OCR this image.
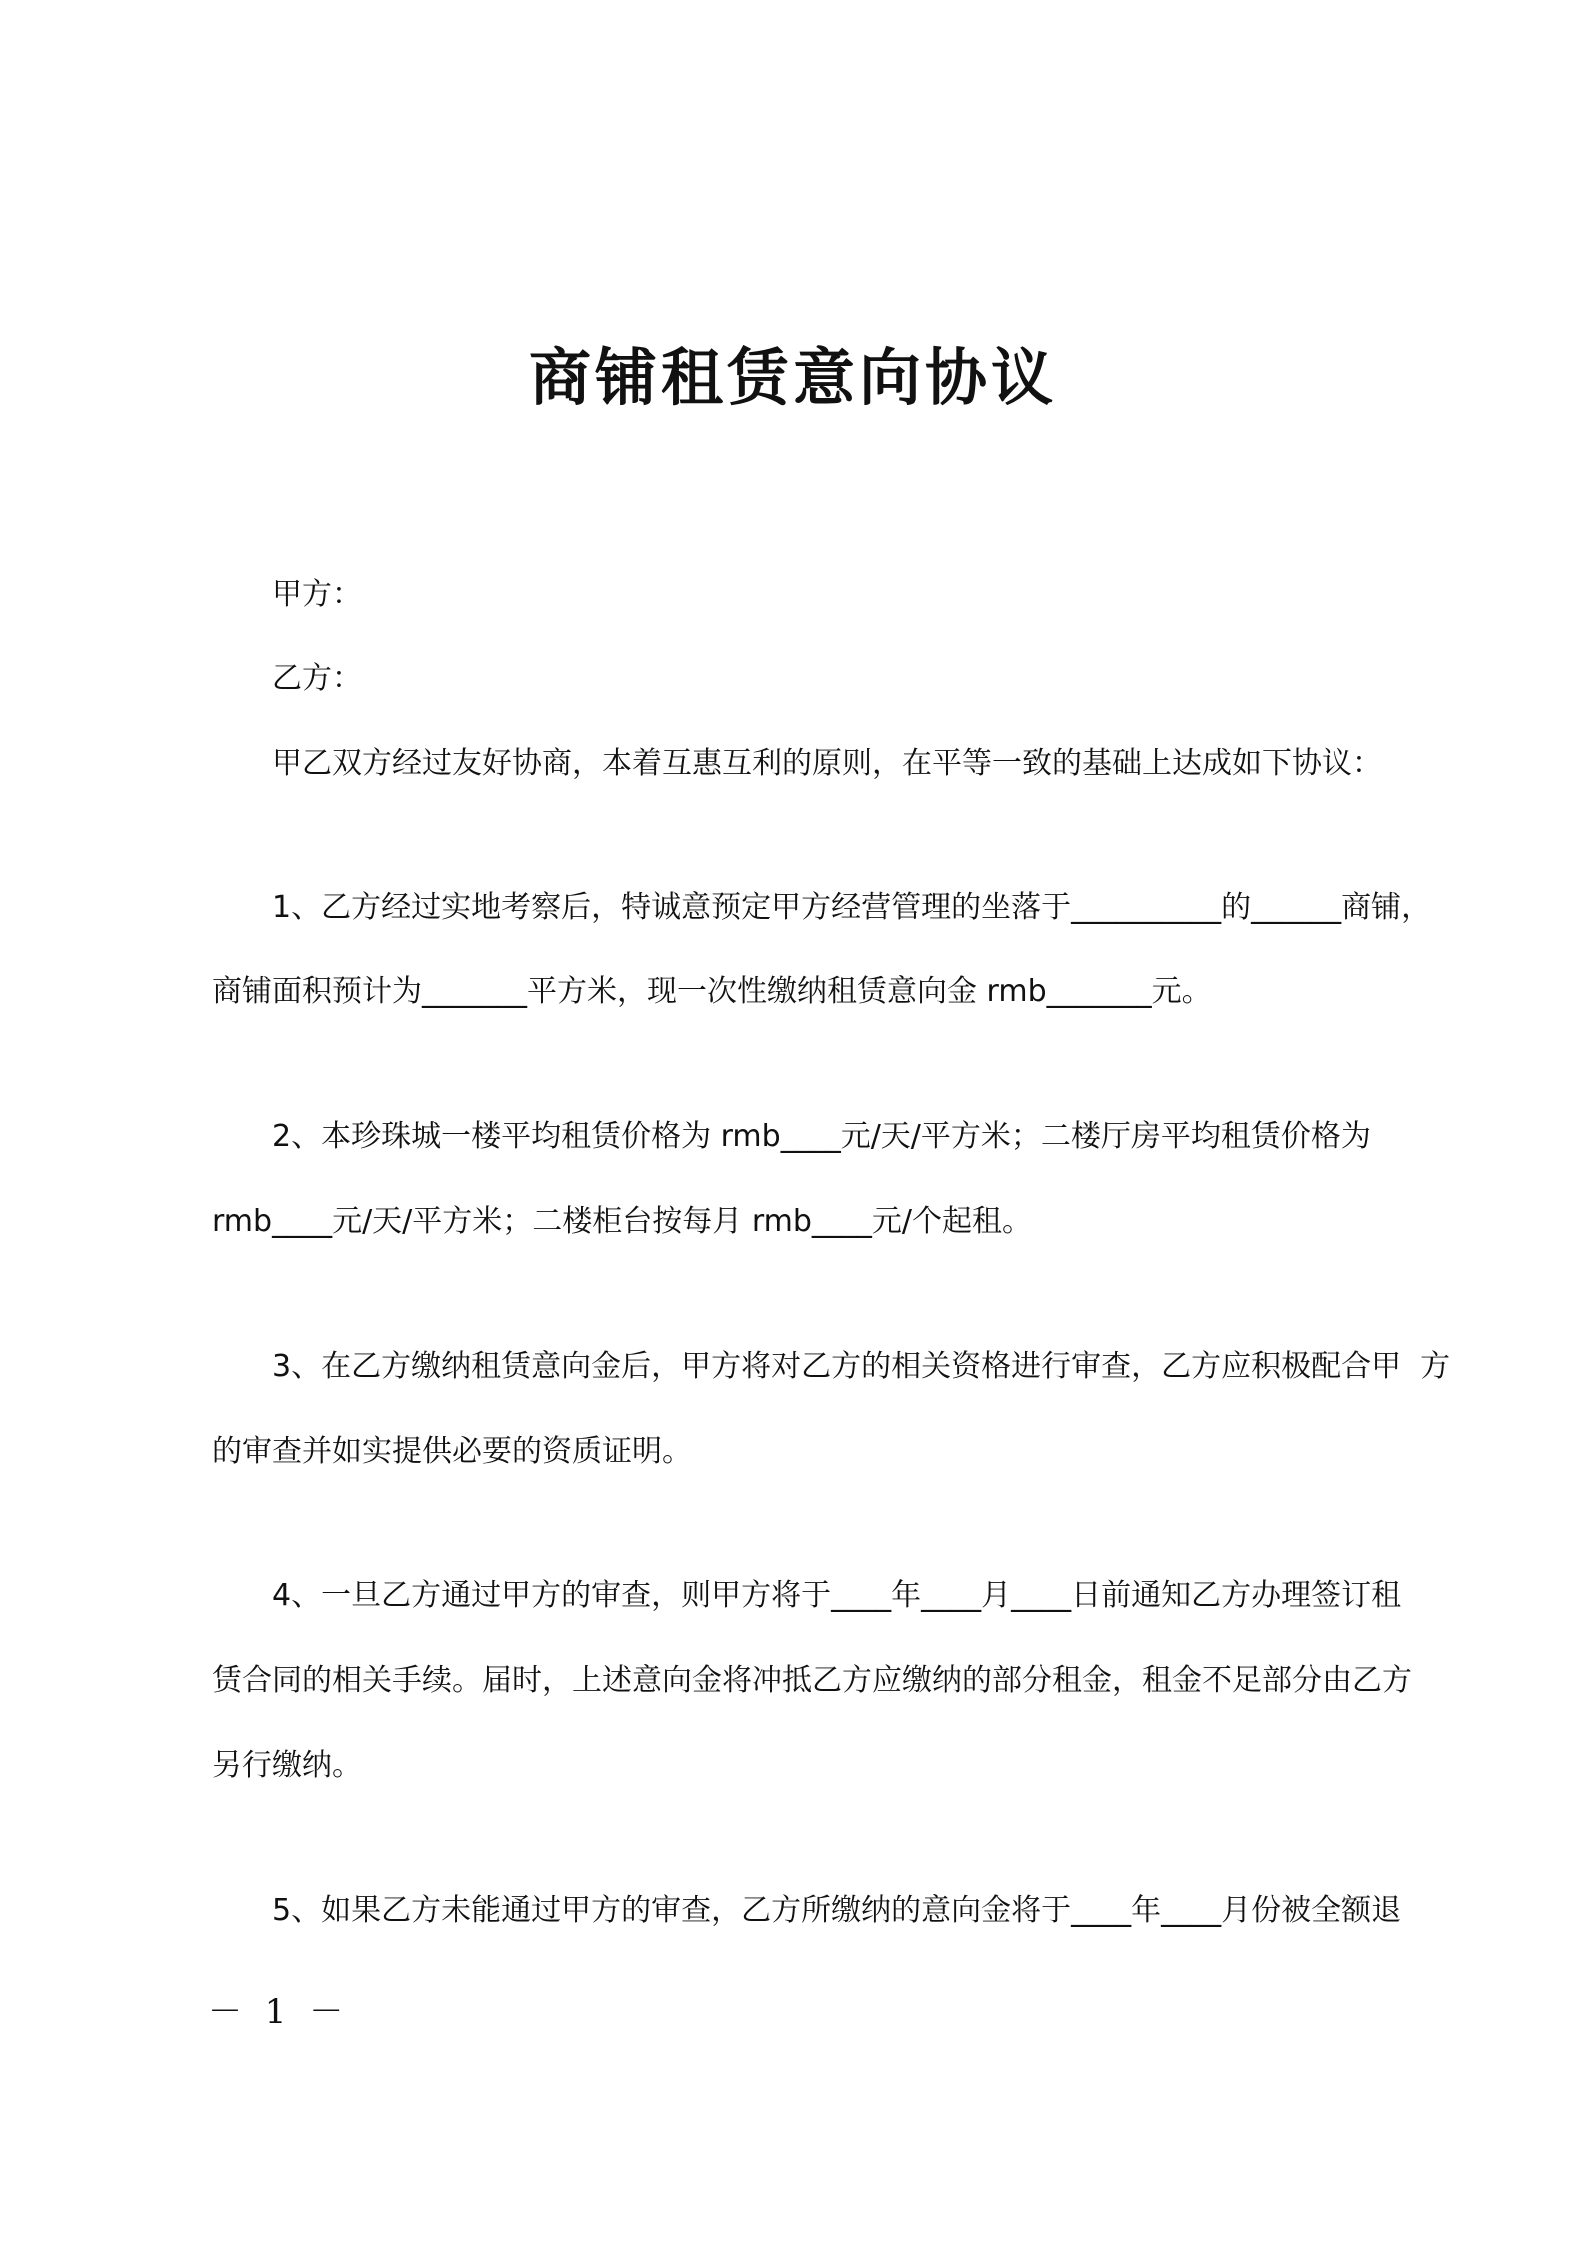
商铺租赁意向协议
甲方：
乙方：
甲乙双方经过友好协商，本着互惠互利的原则，在平等一致的基础上达成如下协议：
1、乙方经过实地考察后，特诚意预定甲方经营管理的坐落于__________的______商铺，
商铺面积预计为_______平方米，现一次性缴纳租赁意向金 rmb_______元。
2、本珍珠城一楼平均租赁价格为 rmb____元/天/平方米；二楼厅房平均租赁价格为
rmb____元/天/平方米；二楼柜台按每月 rmb____元/个起租。
3、在乙方缴纳租赁意向金后，甲方将对乙方的相关资格进行审查，乙方应积极配合甲  方
的审查并如实提供必要的资质证明。
4、一旦乙方通过甲方的审查，则甲方将于____年____月____日前通知乙方办理签订租
赁合同的相关手续。届时，上述意向金将冲抵乙方应缴纳的部分租金，租金不足部分由乙方
另行缴纳。
5、如果乙方未能通过甲方的审查，乙方所缴纳的意向金将于____年____月份被全额退
－ 1 －
